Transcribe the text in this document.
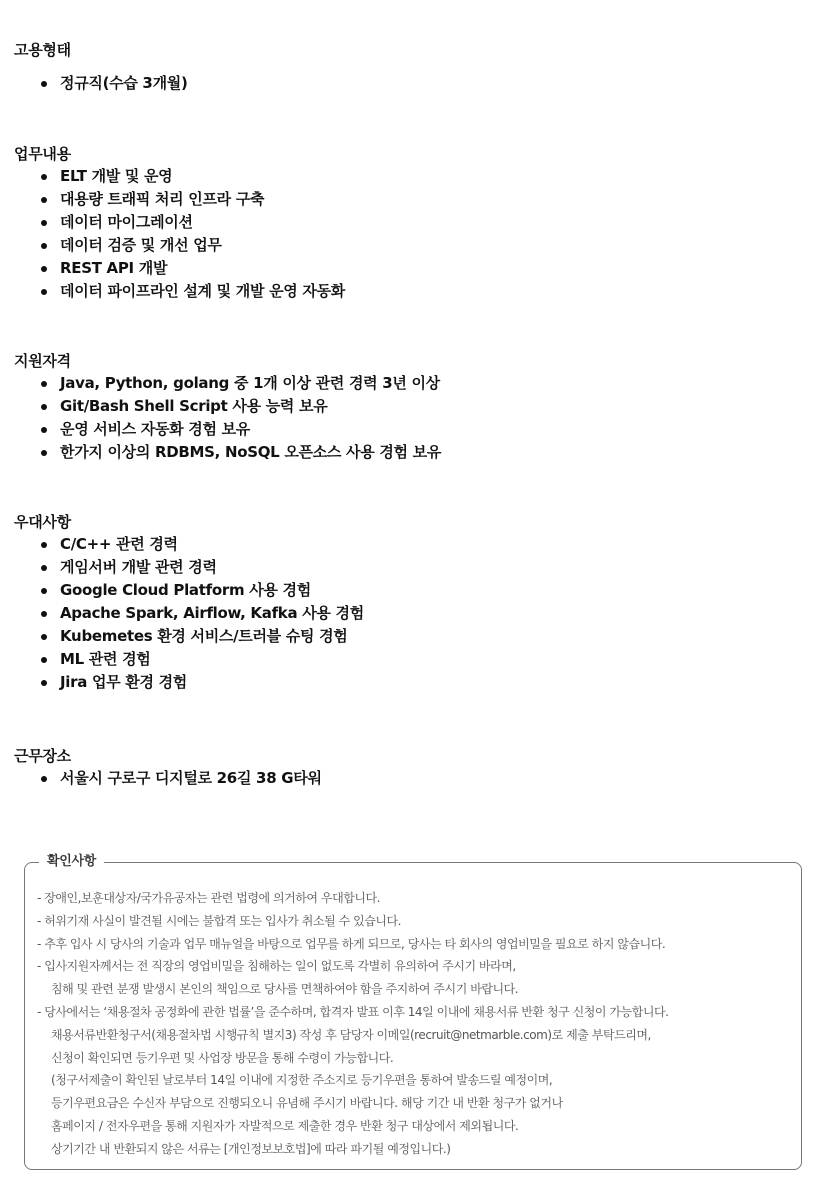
고용형태
정규직(수습 3개월)
업무내용
ELT 개발 및 운영
대용량 트래픽 처리 인프라 구축
데이터 마이그레이션
데이터 검증 및 개선 업무
REST API 개발
데이터 파이프라인 설계 및 개발 운영 자동화
지원자격
Java, Python, golang 중 1개 이상 관련 경력 3년 이상
Git/Bash Shell Script 사용 능력 보유
운영 서비스 자동화 경험 보유
한가지 이상의 RDBMS, NoSQL 오픈소스 사용 경험 보유
우대사항
C/C++ 관련 경력
게임서버 개발 관련 경력
Google Cloud Platform 사용 경험
Apache Spark, Airflow, Kafka 사용 경험
Kubemetes 환경 서비스/트러블 슈팅 경험
ML 관련 경험
Jira 업무 환경 경험
근무장소
서울시 구로구 디지털로 26길 38 G타워
확인사항
- 장애인,보훈대상자/국가유공자는 관련 법령에 의거하여 우대합니다.
- 허위기재 사실이 발견될 시에는 불합격 또는 입사가 취소될 수 있습니다.
- 추후 입사 시 당사의 기술과 업무 매뉴얼을 바탕으로 업무를 하게 되므로, 당사는 타 회사의 영업비밀을 필요로 하지 않습니다.
- 입사지원자께서는 전 직장의 영업비밀을 침해하는 일이 없도록 각별히 유의하여 주시기 바라며,
침해 및 관련 분쟁 발생시 본인의 책임으로 당사를 면책하여야 함을 주지하여 주시기 바랍니다.
- 당사에서는 ‘채용절차 공정화에 관한 법률’을 준수하며, 합격자 발표 이후 14일 이내에 채용서류 반환 청구 신청이 가능합니다.
채용서류반환청구서(채용절차법 시행규칙 별지3) 작성 후 담당자 이메일(recruit@netmarble.com)로 제출 부탁드리며,
신청이 확인되면 등기우편 및 사업장 방문을 통해 수령이 가능합니다.
(청구서제출이 확인된 날로부터 14일 이내에 지정한 주소지로 등기우편을 통하여 발송드릴 예정이며,
등기우편요금은 수신자 부담으로 진행되오니 유념해 주시기 바랍니다. 해당 기간 내 반환 청구가 없거나
홈페이지 / 전자우편을 통해 지원자가 자발적으로 제출한 경우 반환 청구 대상에서 제외됩니다.
상기기간 내 반환되지 않은 서류는 [개인정보보호법]에 따라 파기될 예정입니다.)
